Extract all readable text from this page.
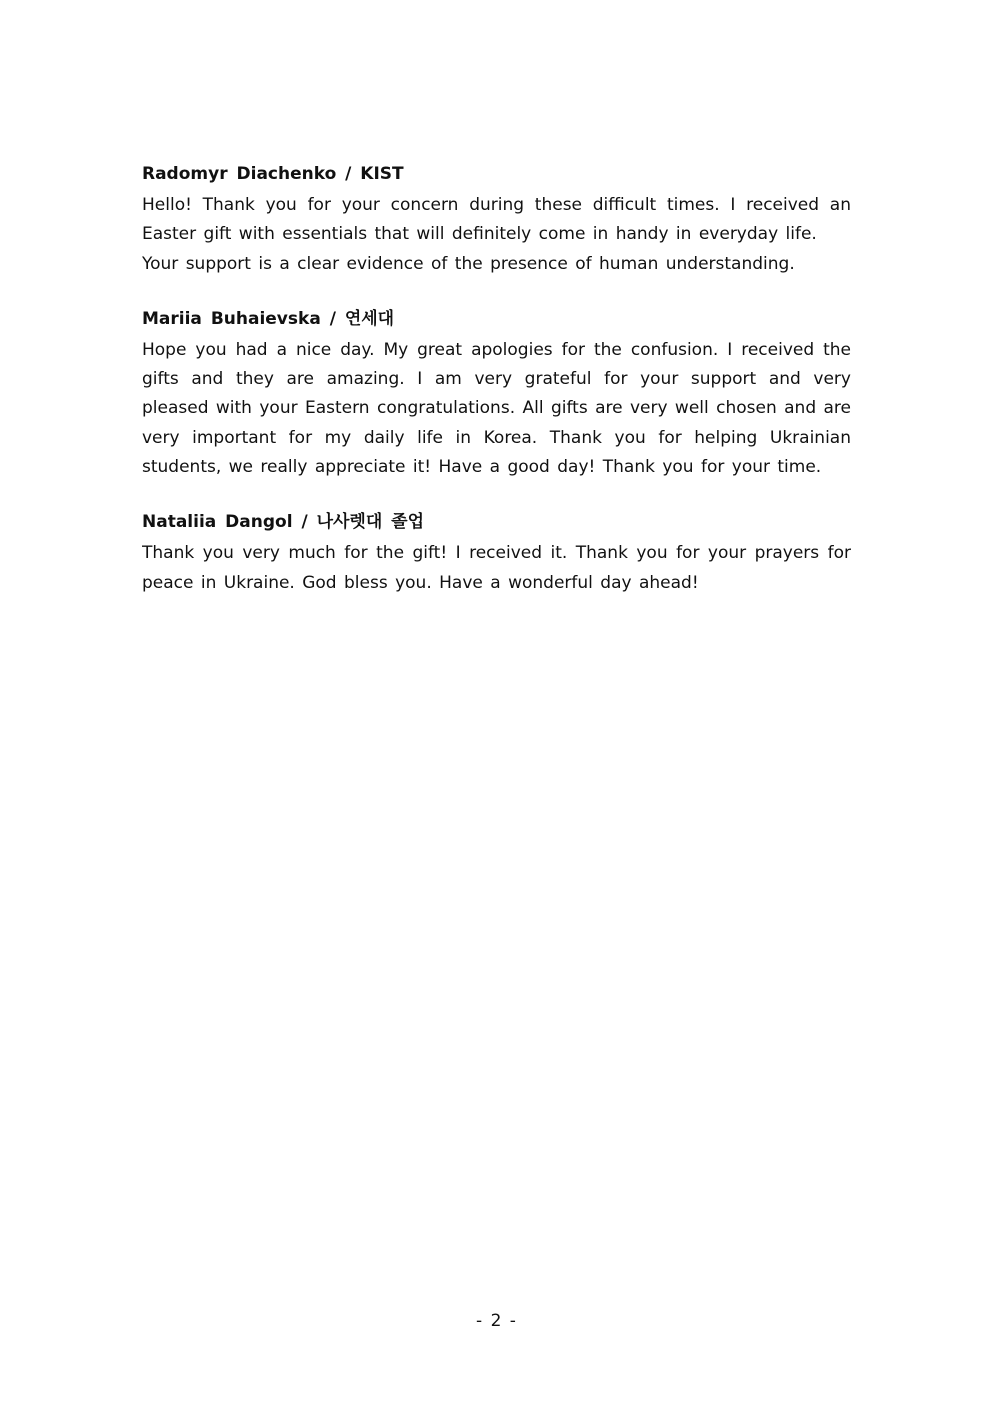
Radomyr Diachenko / KIST
Hello! Thank you for your concern during these difficult times. I received an
Easter gift with essentials that will definitely come in handy in everyday life.
Your support is a clear evidence of the presence of human understanding.
Mariia Buhaievska / 연세대
Hope you had a nice day. My great apologies for the confusion. I received the
gifts and they are amazing. I am very grateful for your support and very
pleased with your Eastern congratulations. All gifts are very well chosen and are
very important for my daily life in Korea. Thank you for helping Ukrainian
students, we really appreciate it! Have a good day! Thank you for your time.
Nataliia Dangol / 나사렛대 졸업
Thank you very much for the gift! I received it. Thank you for your prayers for
peace in Ukraine. God bless you. Have a wonderful day ahead!
- 2 -
